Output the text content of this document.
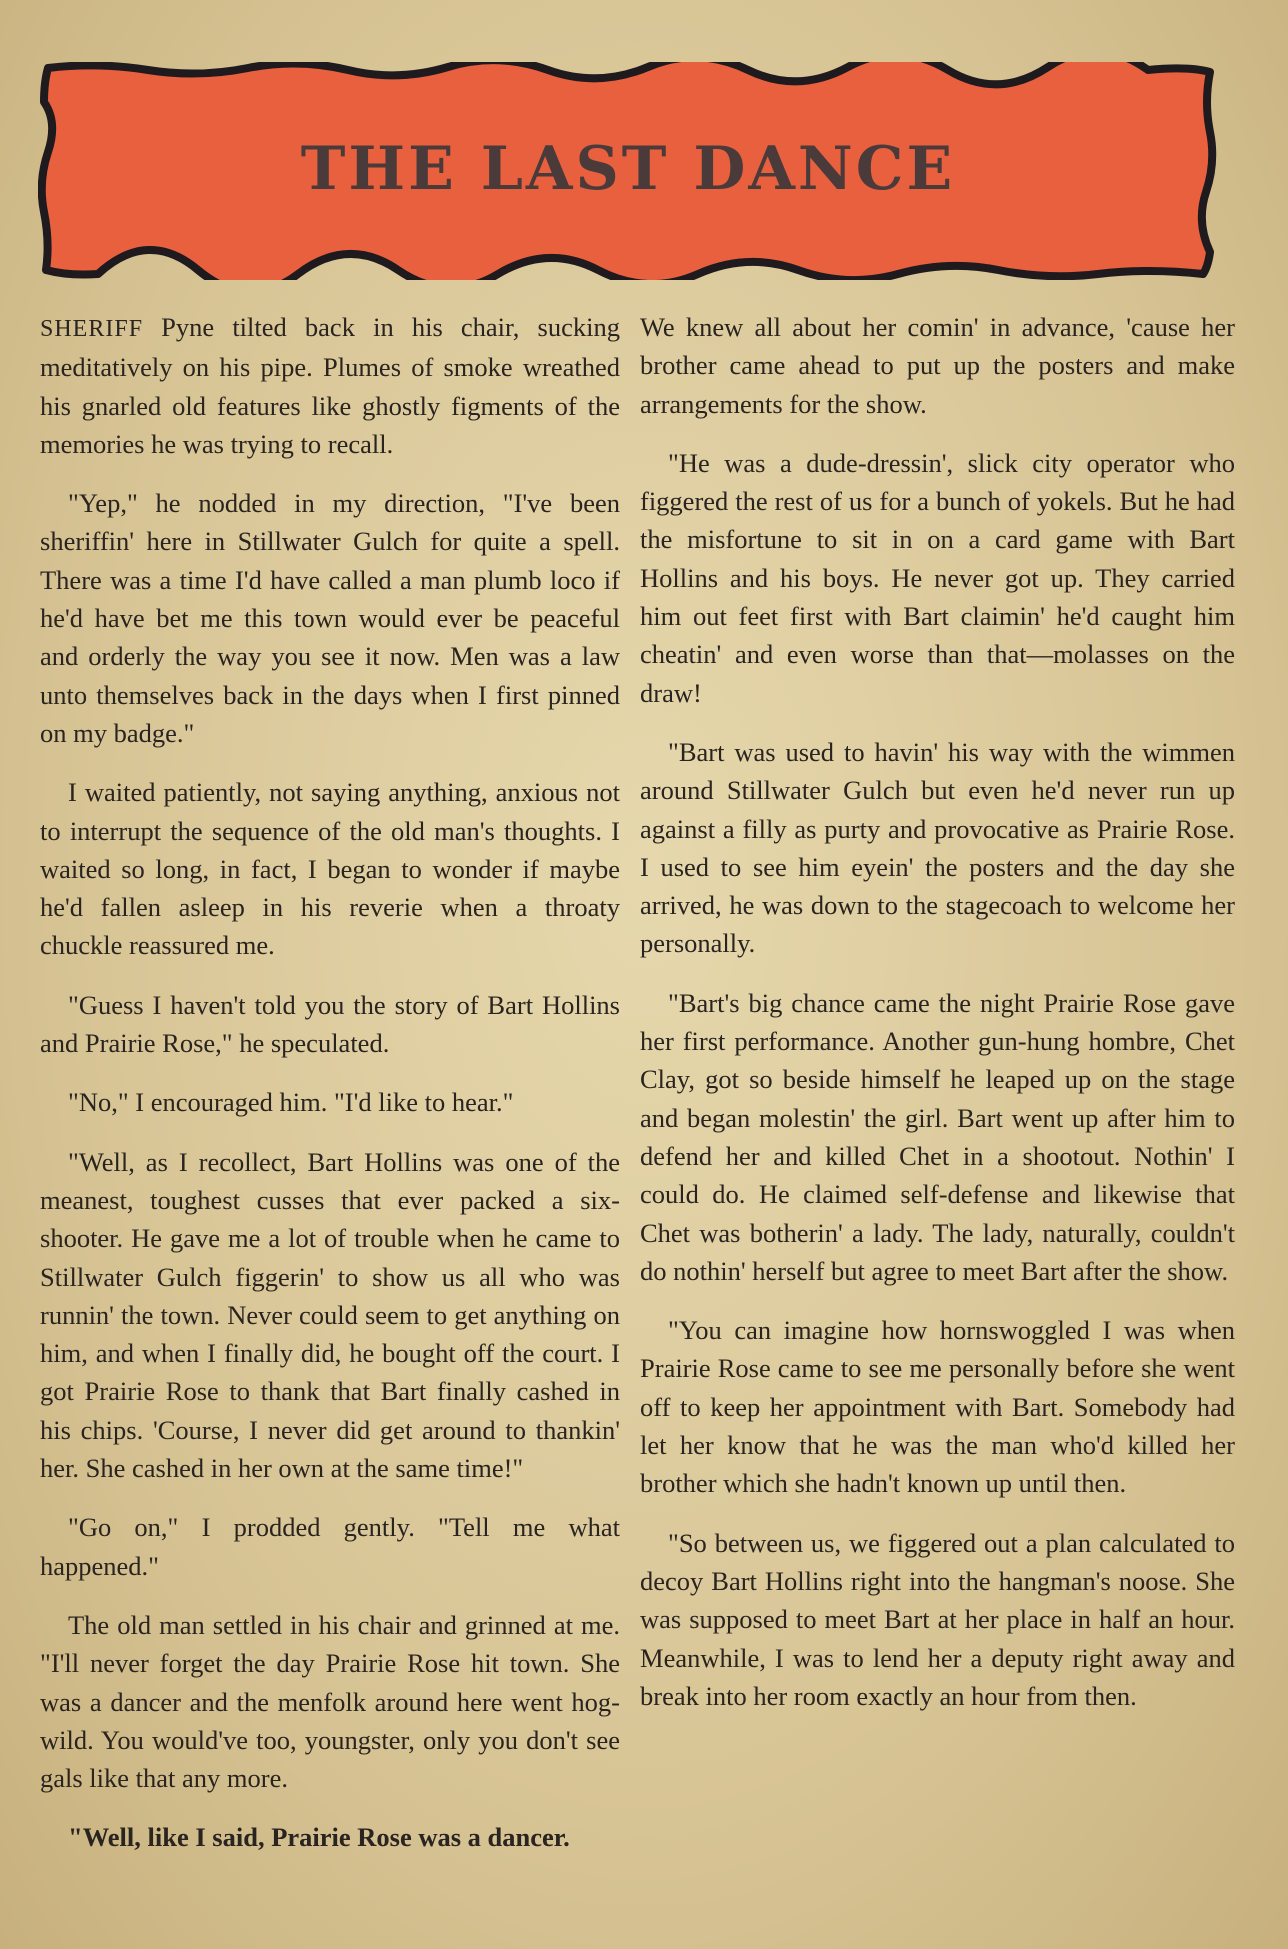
THE LAST DANCE

SHERIFF Pyne tilted back in his chair, sucking meditatively on his pipe. Plumes of smoke wreathed his gnarled old features like ghostly figments of the memories he was trying to recall.

"Yep," he nodded in my direction, "I've been sheriffin' here in Stillwater Gulch for quite a spell. There was a time I'd have called a man plumb loco if he'd have bet me this town would ever be peaceful and orderly the way you see it now. Men was a law unto themselves back in the days when I first pinned on my badge."

I waited patiently, not saying anything, anxious not to interrupt the sequence of the old man's thoughts. I waited so long, in fact, I began to wonder if maybe he'd fallen asleep in his reverie when a throaty chuckle reassured me.

"Guess I haven't told you the story of Bart Hollins and Prairie Rose," he speculated.

"No," I encouraged him. "I'd like to hear."

"Well, as I recollect, Bart Hollins was one of the meanest, toughest cusses that ever packed a six-shooter. He gave me a lot of trouble when he came to Stillwater Gulch figgerin' to show us all who was runnin' the town. Never could seem to get anything on him, and when I finally did, he bought off the court. I got Prairie Rose to thank that Bart finally cashed in his chips. 'Course, I never did get around to thankin' her. She cashed in her own at the same time!"

"Go on," I prodded gently. "Tell me what happened."

The old man settled in his chair and grinned at me. "I'll never forget the day Prairie Rose hit town. She was a dancer and the menfolk around here went hog-wild. You would've too, youngster, only you don't see gals like that any more.

"Well, like I said, Prairie Rose was a dancer.

We knew all about her comin' in advance, 'cause her brother came ahead to put up the posters and make arrangements for the show.

"He was a dude-dressin', slick city operator who figgered the rest of us for a bunch of yokels. But he had the misfortune to sit in on a card game with Bart Hollins and his boys. He never got up. They carried him out feet first with Bart claimin' he'd caught him cheatin' and even worse than that—molasses on the draw!

"Bart was used to havin' his way with the wimmen around Stillwater Gulch but even he'd never run up against a filly as purty and provocative as Prairie Rose. I used to see him eyein' the posters and the day she arrived, he was down to the stagecoach to welcome her personally.

"Bart's big chance came the night Prairie Rose gave her first performance. Another gun-hung hombre, Chet Clay, got so beside himself he leaped up on the stage and began molestin' the girl. Bart went up after him to defend her and killed Chet in a shootout. Nothin' I could do. He claimed self-defense and likewise that Chet was botherin' a lady. The lady, naturally, couldn't do nothin' herself but agree to meet Bart after the show.

"You can imagine how hornswoggled I was when Prairie Rose came to see me personally before she went off to keep her appointment with Bart. Somebody had let her know that he was the man who'd killed her brother which she hadn't known up until then.

"So between us, we figgered out a plan calculated to decoy Bart Hollins right into the hangman's noose. She was supposed to meet Bart at her place in half an hour. Meanwhile, I was to lend her a deputy right away and break into her room exactly an hour from then.
